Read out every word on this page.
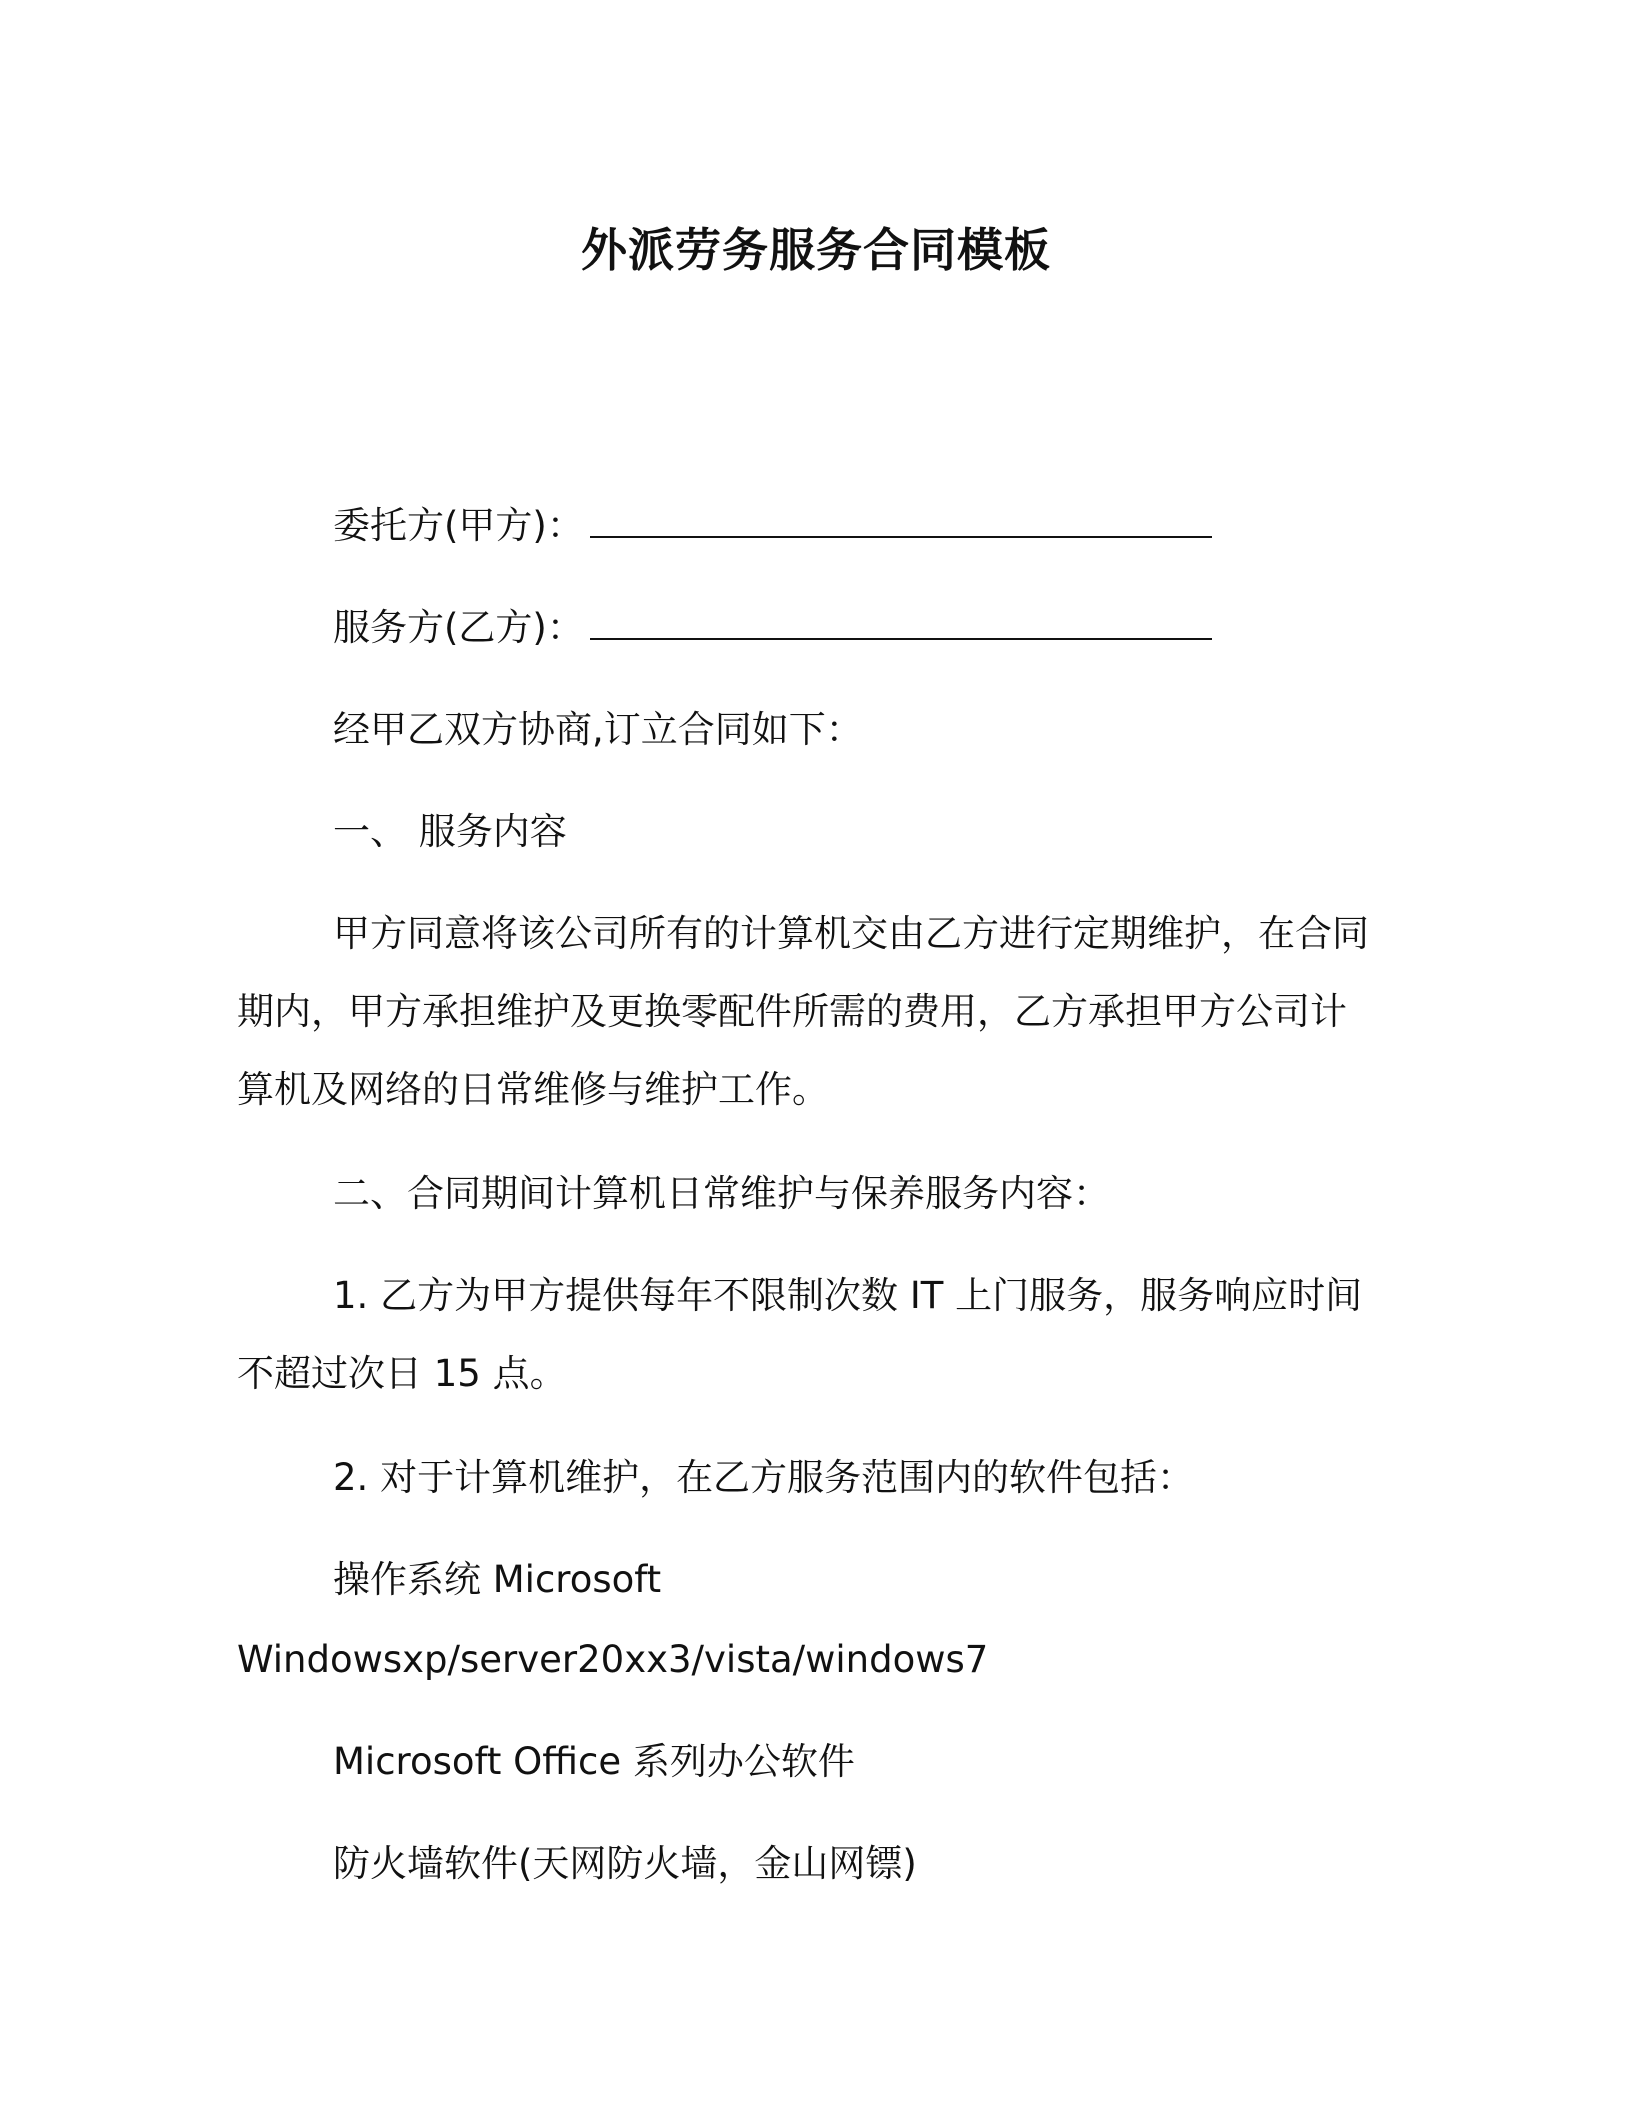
外派劳务服务合同模板
委托方(甲方)：
服务方(乙方)：
经甲乙双方协商,订立合同如下：
一、 服务内容
甲方同意将该公司所有的计算机交由乙方进行定期维护，在合同
期内，甲方承担维护及更换零配件所需的费用，乙方承担甲方公司计
算机及网络的日常维修与维护工作。
二、合同期间计算机日常维护与保养服务内容：
1. 乙方为甲方提供每年不限制次数 IT 上门服务，服务响应时间
不超过次日 15 点。
2. 对于计算机维护，在乙方服务范围内的软件包括：
操作系统 Microsoft
Windowsxp/server20xx3/vista/windows7
Microsoft Office 系列办公软件
防火墙软件(天网防火墙，金山网镖)
